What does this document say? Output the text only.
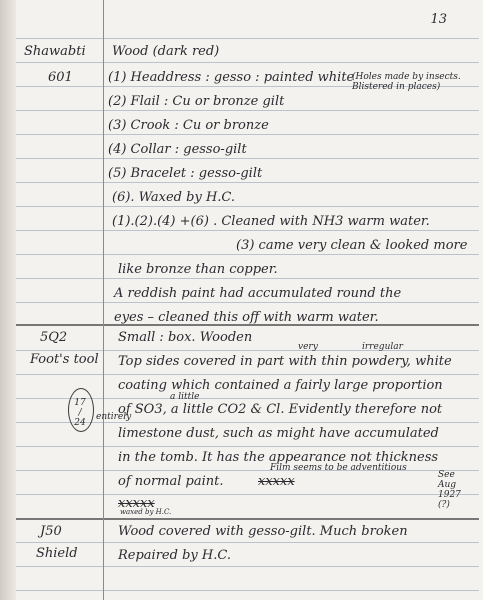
13
Shawabti
601
Wood (dark red)
(1) Headdress : gesso : painted white
(Holes made by insects. Blistered in places)
(2) Flail : Cu or bronze gilt
(3) Crook : Cu or bronze
(4) Collar : gesso-gilt
(5) Bracelet : gesso-gilt
(6). Waxed by H.C.
(1).(2).(4) +(6) . Cleaned with NH3 warm water.
(3) came very clean & looked more
like bronze than copper.
A reddish paint had accumulated round the
eyes – cleaned this off with warm water.
5Q2
Foot's tool
17 / 24
Small : box. Wooden
very	irregular
Top sides covered in part with thin powdery, white
coating which contained a fairly large proportion
a little
of SO3, a little CO2 & Cl. Evidently therefore not
entirely
limestone dust, such as might have accumulated
in the tomb. It has the appearance not thickness
Film seems to be adventitious
of normal paint.	xxxxx	See Aug 1927 (?)
xxxxx
waxed by H.C.
J50
Shield
Wood covered with gesso-gilt. Much broken
Repaired by H.C.
